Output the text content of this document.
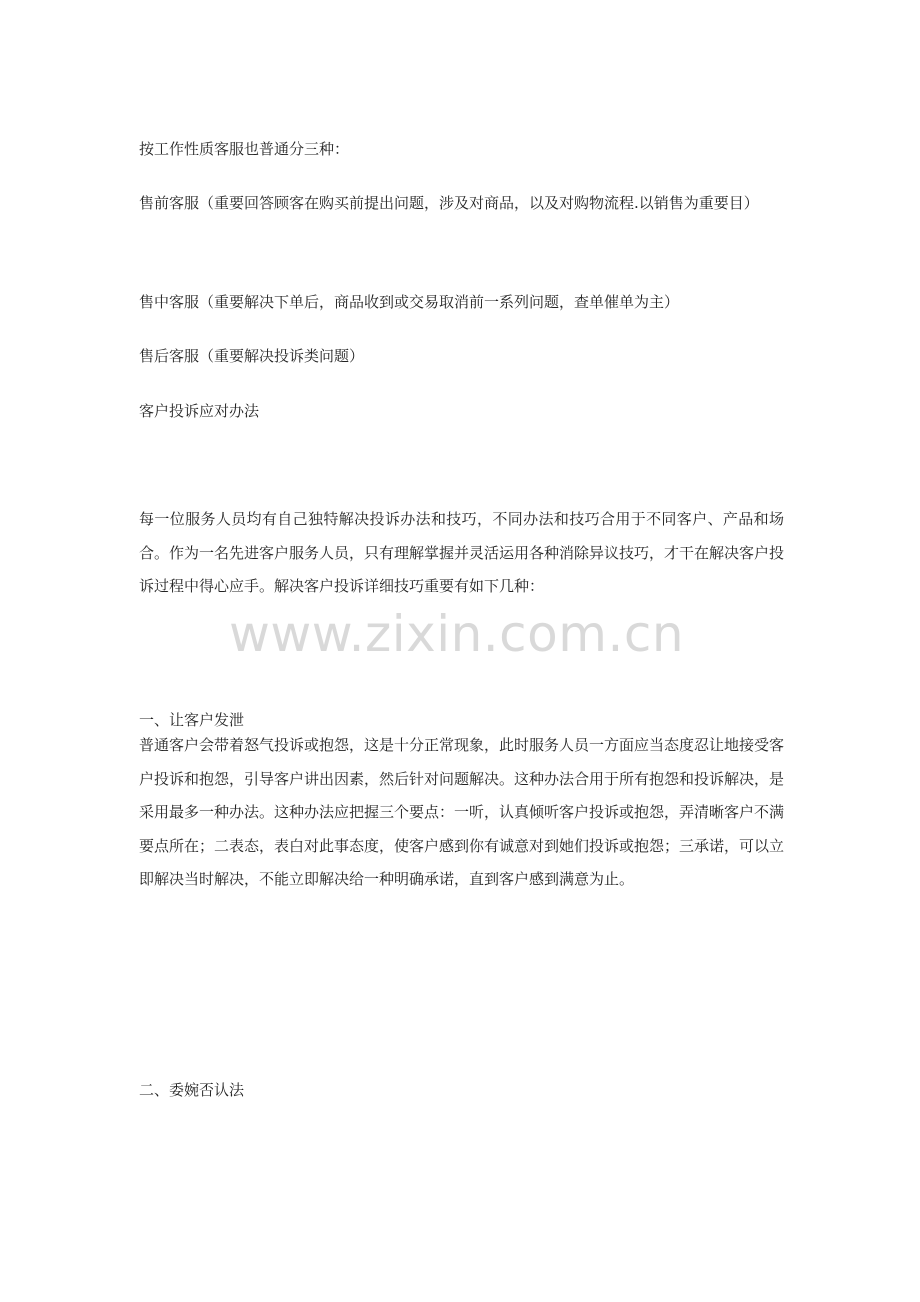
按工作性质客服也普通分三种：
售前客服（重要回答顾客在购买前提出问题，涉及对商品，以及对购物流程.以销售为重要目）
售中客服（重要解决下单后，商品收到或交易取消前一系列问题，查单催单为主）
售后客服（重要解决投诉类问题）
客户投诉应对办法
每一位服务人员均有自己独特解决投诉办法和技巧，不同办法和技巧合用于不同客户、产品和场合。作为一名先进客户服务人员，只有理解掌握并灵活运用各种消除异议技巧，才干在解决客户投诉过程中得心应手。解决客户投诉详细技巧重要有如下几种：
www.zixin.com.cn
一、让客户发泄
普通客户会带着怒气投诉或抱怨，这是十分正常现象，此时服务人员一方面应当态度忍让地接受客户投诉和抱怨，引导客户讲出因素，然后针对问题解决。这种办法合用于所有抱怨和投诉解决，是采用最多一种办法。这种办法应把握三个要点：一听，认真倾听客户投诉或抱怨，弄清晰客户不满要点所在；二表态，表白对此事态度，使客户感到你有诚意对到她们投诉或抱怨；三承诺，可以立即解决当时解决，不能立即解决给一种明确承诺，直到客户感到满意为止。
二、委婉否认法
